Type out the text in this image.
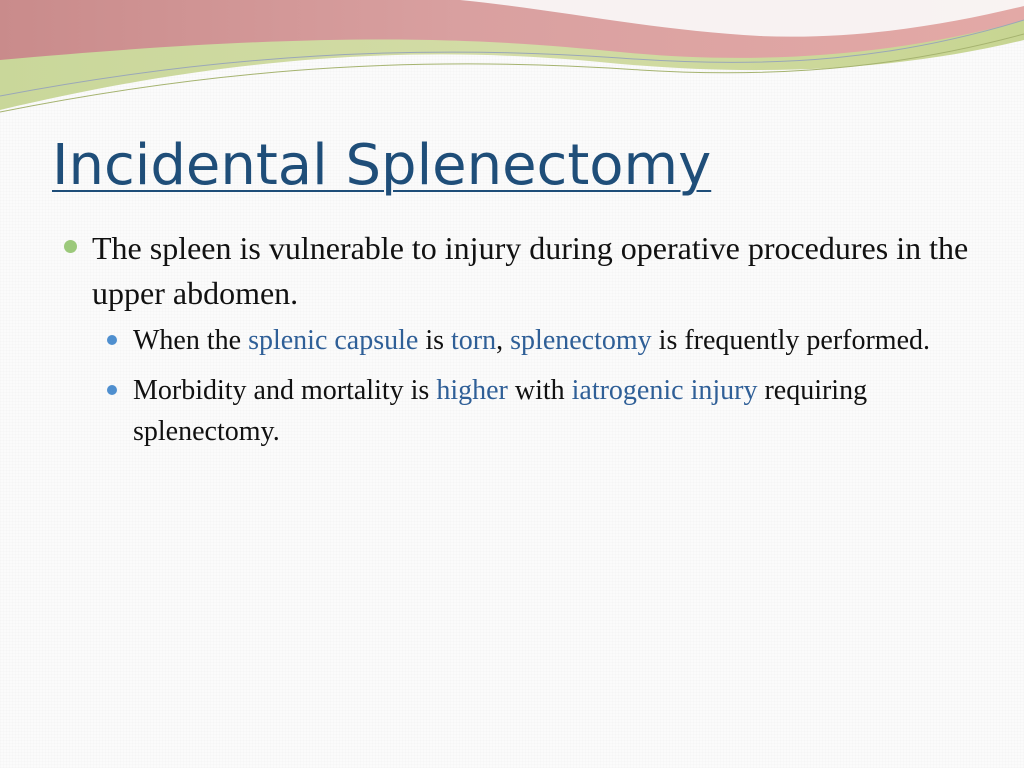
Incidental Splenectomy
The spleen is vulnerable to injury during operative procedures in the upper abdomen.
When the splenic capsule is torn, splenectomy is frequently performed.
Morbidity and mortality is higher with iatrogenic injury requiring splenectomy.
